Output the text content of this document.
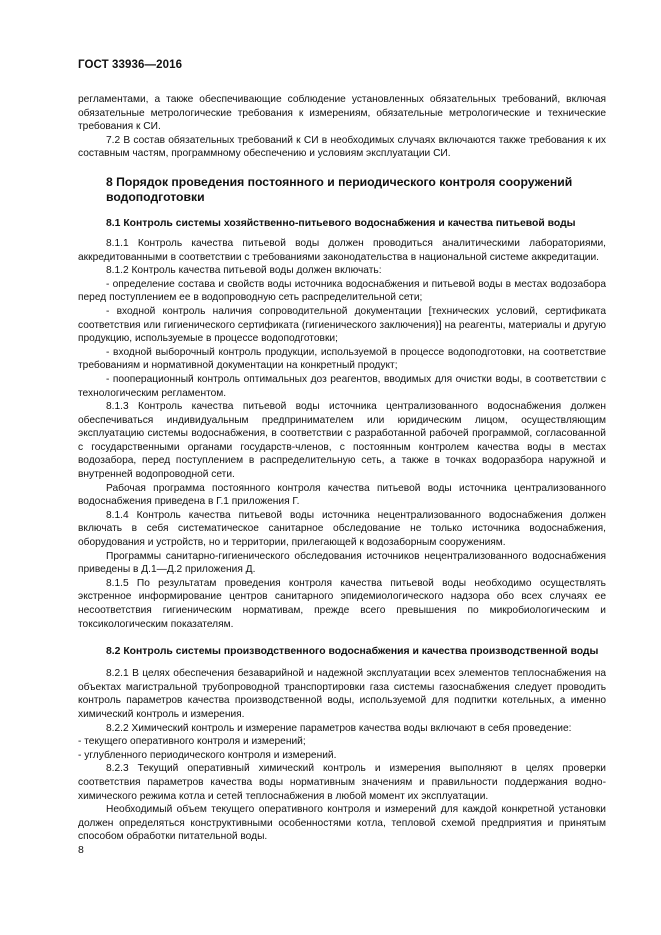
ГОСТ 33936—2016

регламентами, а также обеспечивающие соблюдение установленных обязательных требований, включая обязательные метрологические требования к измерениям, обязательные метрологические и технические требования к СИ.

7.2 В состав обязательных требований к СИ в необходимых случаях включаются также требования к их составным частям, программному обеспечению и условиям эксплуатации СИ.

8 Порядок проведения постоянного и периодического контроля сооружений водоподготовки
8.1 Контроль системы хозяйственно-питьевого водоснабжения и качества питьевой воды

8.1.1 Контроль качества питьевой воды должен проводиться аналитическими лабораториями, аккредитованными в соответствии с требованиями законодательства в национальной системе аккредитации.

8.1.2 Контроль качества питьевой воды должен включать:

- определение состава и свойств воды источника водоснабжения и питьевой воды в местах водозабора перед поступлением ее в водопроводную сеть распределительной сети;

- входной контроль наличия сопроводительной документации [технических условий, сертификата соответствия или гигиенического сертификата (гигиенического заключения)] на реагенты, материалы и другую продукцию, используемые в процессе водоподготовки;

- входной выборочный контроль продукции, используемой в процессе водоподготовки, на соответствие требованиям и нормативной документации на конкретный продукт;

- пооперационный контроль оптимальных доз реагентов, вводимых для очистки воды, в соответствии с технологическим регламентом.

8.1.3 Контроль качества питьевой воды источника централизованного водоснабжения должен обеспечиваться индивидуальным предпринимателем или юридическим лицом, осуществляющим эксплуатацию системы водоснабжения, в соответствии с разработанной рабочей программой, согласованной с государственными органами государств-членов, с постоянным контролем качества воды в местах водозабора, перед поступлением в распределительную сеть, а также в точках водоразбора наружной и внутренней водопроводной сети.

Рабочая программа постоянного контроля качества питьевой воды источника централизованного водоснабжения приведена в Г.1 приложения Г.

8.1.4 Контроль качества питьевой воды источника нецентрализованного водоснабжения должен включать в себя систематическое санитарное обследование не только источника водоснабжения, оборудования и устройств, но и территории, прилегающей к водозаборным сооружениям.

Программы санитарно-гигиенического обследования источников нецентрализованного водоснабжения приведены в Д.1—Д.2 приложения Д.

8.1.5 По результатам проведения контроля качества питьевой воды необходимо осуществлять экстренное информирование центров санитарного эпидемиологического надзора обо всех случаях ее несоответствия гигиеническим нормативам, прежде всего превышения по микробиологическим и токсикологическим показателям.

8.2 Контроль системы производственного водоснабжения и качества производственной воды

8.2.1 В целях обеспечения безаварийной и надежной эксплуатации всех элементов теплоснабжения на объектах магистральной трубопроводной транспортировки газа системы газоснабжения следует проводить контроль параметров качества производственной воды, используемой для подпитки котельных, а именно химический контроль и измерения.

8.2.2 Химический контроль и измерение параметров качества воды включают в себя проведение:

- текущего оперативного контроля и измерений;

- углубленного периодического контроля и измерений.

8.2.3 Текущий оперативный химический контроль и измерения выполняют в целях проверки соответствия параметров качества воды нормативным значениям и правильности поддержания водно-химического режима котла и сетей теплоснабжения в любой момент их эксплуатации.

Необходимый объем текущего оперативного контроля и измерений для каждой конкретной установки должен определяться конструктивными особенностями котла, тепловой схемой предприятия и принятым способом обработки питательной воды.

8
